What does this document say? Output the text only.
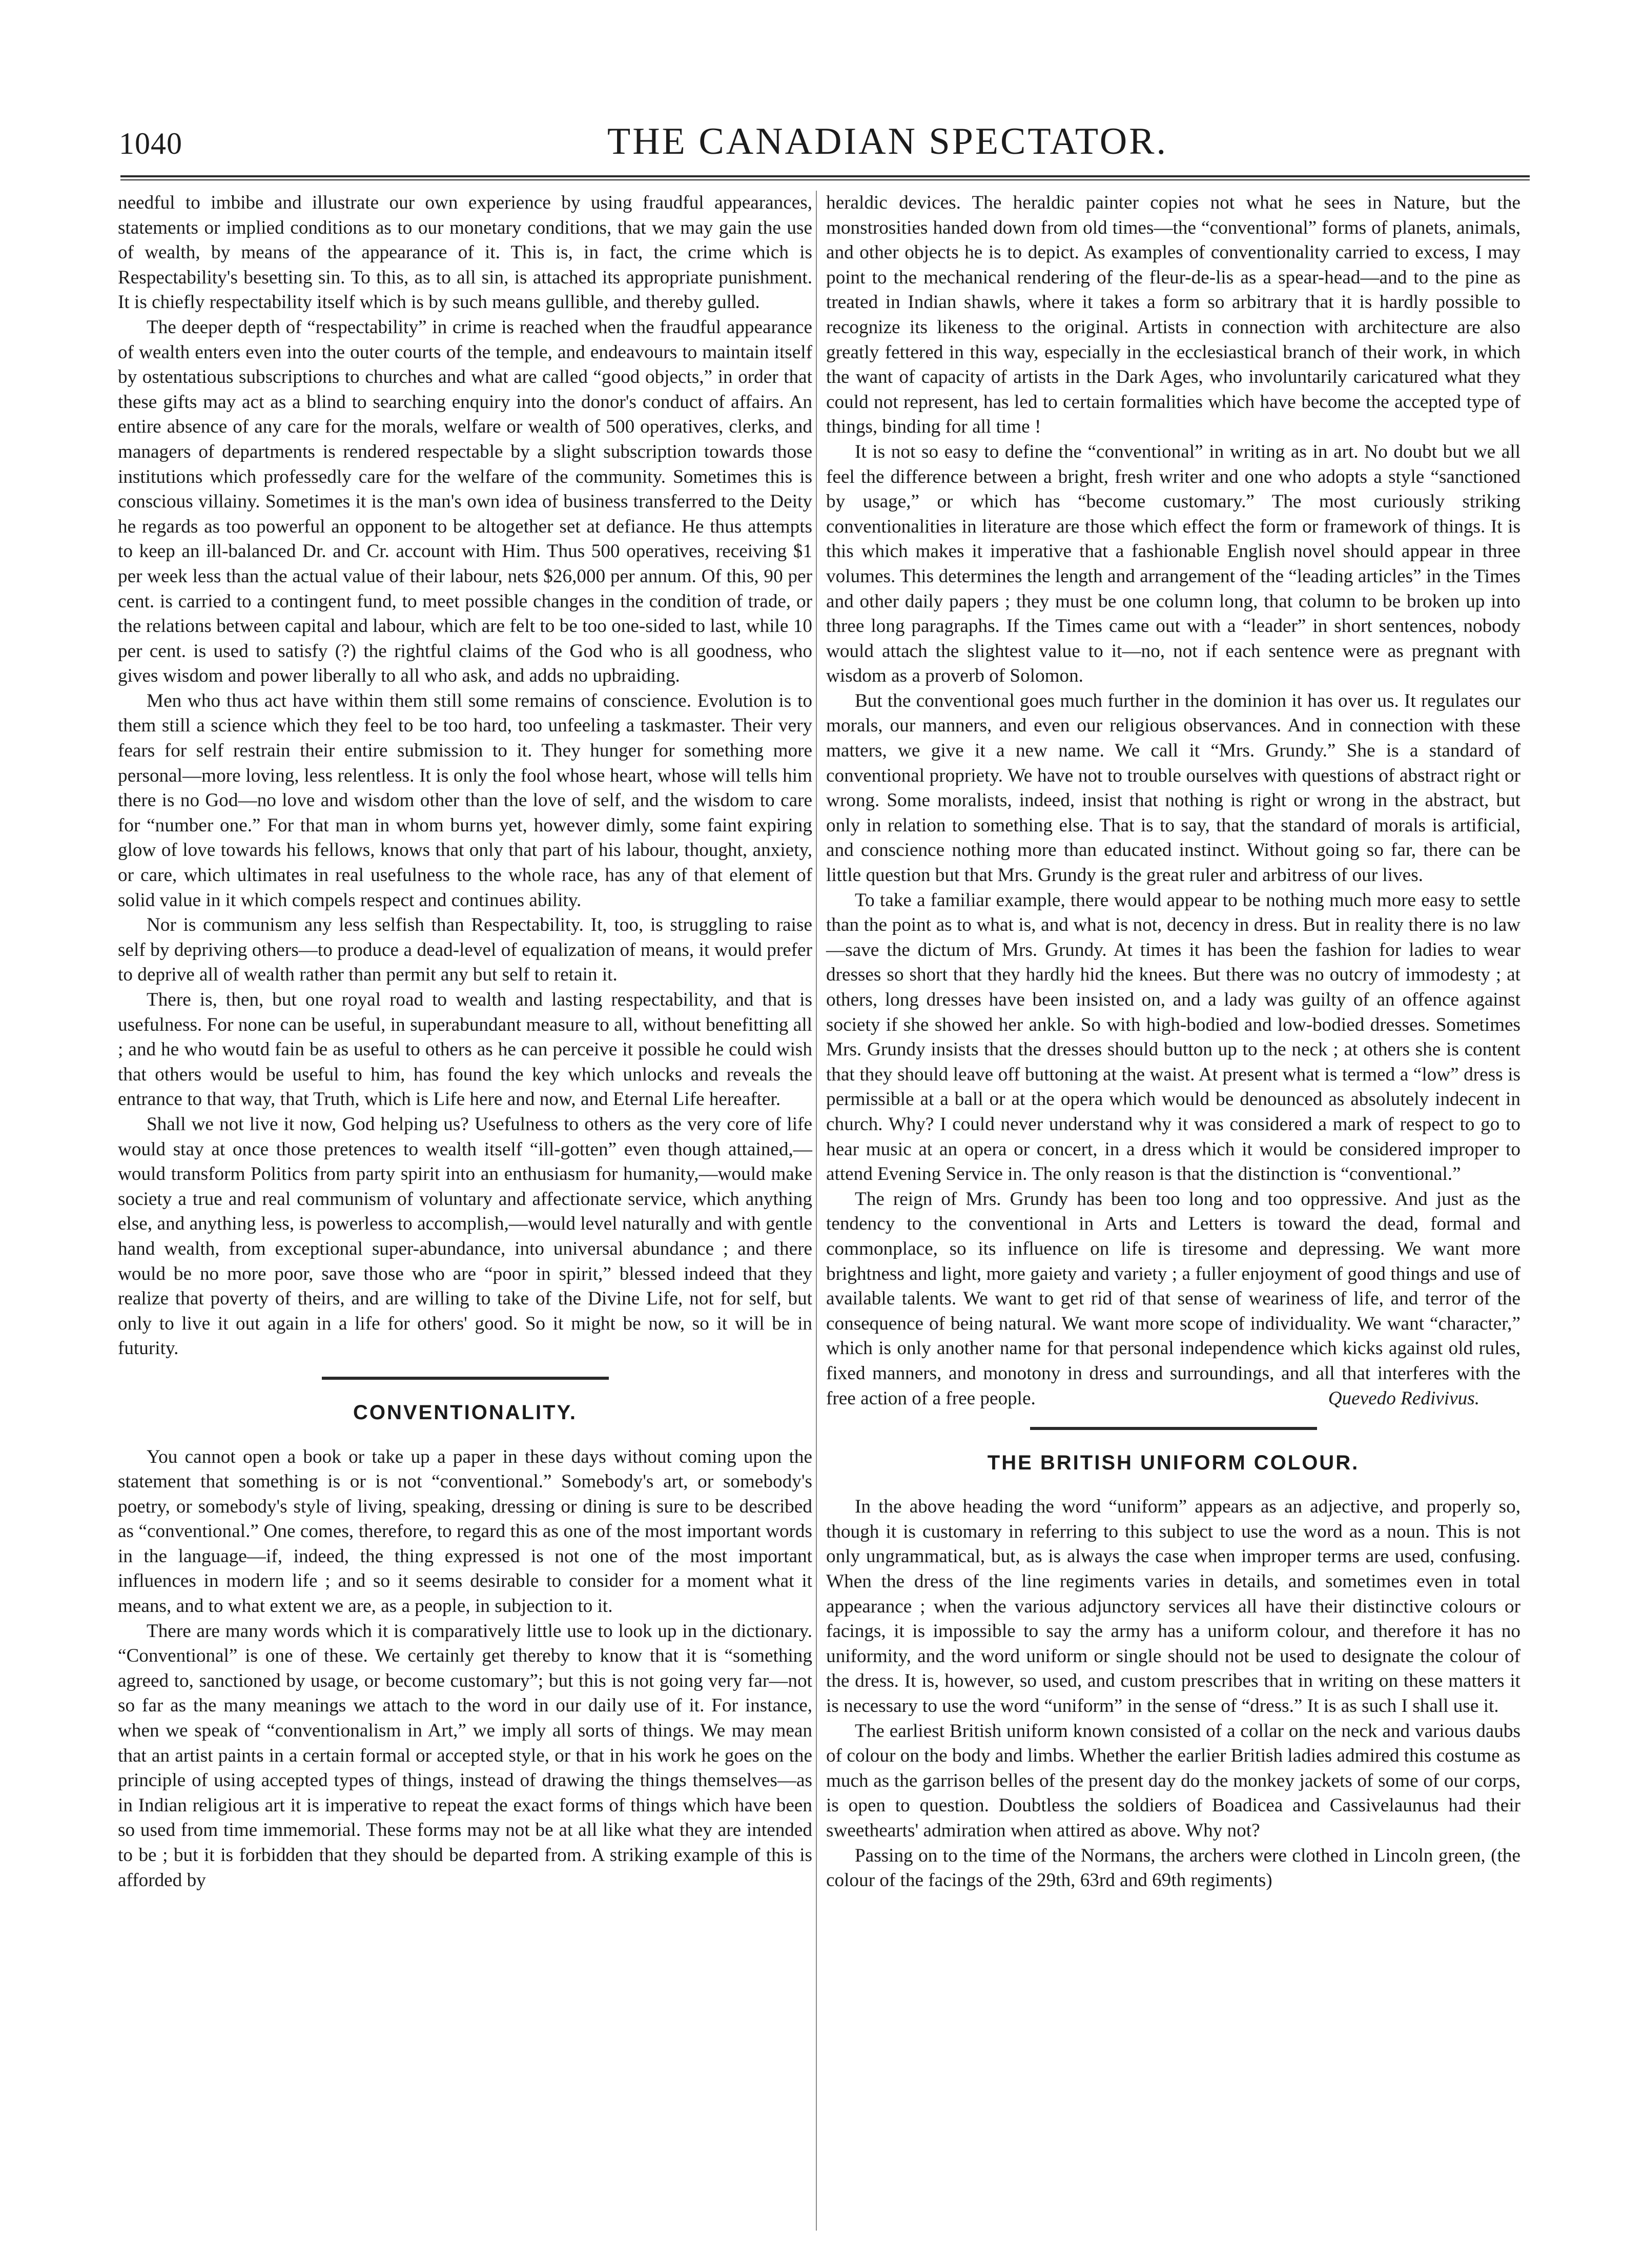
1040	THE CANADIAN SPECTATOR.

needful to imbibe and illustrate our own experience by using fraudful appearances, statements or implied conditions as to our monetary conditions, that we may gain the use of wealth, by means of the appearance of it. This is, in fact, the crime which is Respectability's besetting sin. To this, as to all sin, is attached its appropriate punishment. It is chiefly respectability itself which is by such means gullible, and thereby gulled.

The deeper depth of “respectability” in crime is reached when the fraudful appearance of wealth enters even into the outer courts of the temple, and endeavours to maintain itself by ostentatious subscriptions to churches and what are called “good objects,” in order that these gifts may act as a blind to searching enquiry into the donor's conduct of affairs. An entire absence of any care for the morals, welfare or wealth of 500 operatives, clerks, and managers of departments is rendered respectable by a slight subscription towards those institutions which professedly care for the welfare of the community. Sometimes this is conscious villainy. Sometimes it is the man's own idea of business transferred to the Deity he regards as too powerful an opponent to be altogether set at defiance. He thus attempts to keep an ill-balanced Dr. and Cr. account with Him. Thus 500 operatives, receiving $1 per week less than the actual value of their labour, nets $26,000 per annum. Of this, 90 per cent. is carried to a contingent fund, to meet possible changes in the condition of trade, or the relations between capital and labour, which are felt to be too one-sided to last, while 10 per cent. is used to satisfy (?) the rightful claims of the God who is all goodness, who gives wisdom and power liberally to all who ask, and adds no upbraiding.

Men who thus act have within them still some remains of conscience. Evolution is to them still a science which they feel to be too hard, too unfeeling a taskmaster. Their very fears for self restrain their entire submission to it. They hunger for something more personal—more loving, less relentless. It is only the fool whose heart, whose will tells him there is no God—no love and wisdom other than the love of self, and the wisdom to care for “number one.” For that man in whom burns yet, however dimly, some faint expiring glow of love towards his fellows, knows that only that part of his labour, thought, anxiety, or care, which ultimates in real usefulness to the whole race, has any of that element of solid value in it which compels respect and continues ability.

Nor is communism any less selfish than Respectability. It, too, is struggling to raise self by depriving others—to produce a dead-level of equalization of means, it would prefer to deprive all of wealth rather than permit any but self to retain it.

There is, then, but one royal road to wealth and lasting respectability, and that is usefulness. For none can be useful, in superabundant measure to all, without benefitting all ; and he who woutd fain be as useful to others as he can perceive it possible he could wish that others would be useful to him, has found the key which unlocks and reveals the entrance to that way, that Truth, which is Life here and now, and Eternal Life hereafter.

Shall we not live it now, God helping us? Usefulness to others as the very core of life would stay at once those pretences to wealth itself “ill-gotten” even though attained,—would transform Politics from party spirit into an enthusiasm for humanity,—would make society a true and real communism of voluntary and affectionate service, which anything else, and anything less, is powerless to accomplish,—would level naturally and with gentle hand wealth, from exceptional super-abundance, into universal abundance ; and there would be no more poor, save those who are “poor in spirit,” blessed indeed that they realize that poverty of theirs, and are willing to take of the Divine Life, not for self, but only to live it out again in a life for others' good. So it might be now, so it will be in futurity.

CONVENTIONALITY.

You cannot open a book or take up a paper in these days without coming upon the statement that something is or is not “conventional.” Somebody's art, or somebody's poetry, or somebody's style of living, speaking, dressing or dining is sure to be described as “conventional.” One comes, therefore, to regard this as one of the most important words in the language—if, indeed, the thing expressed is not one of the most important influences in modern life ; and so it seems desirable to consider for a moment what it means, and to what extent we are, as a people, in subjection to it.

There are many words which it is comparatively little use to look up in the dictionary. “Conventional” is one of these. We certainly get thereby to know that it is “something agreed to, sanctioned by usage, or become customary”; but this is not going very far—not so far as the many meanings we attach to the word in our daily use of it. For instance, when we speak of “conventionalism in Art,” we imply all sorts of things. We may mean that an artist paints in a certain formal or accepted style, or that in his work he goes on the principle of using accepted types of things, instead of drawing the things themselves—as in Indian religious art it is imperative to repeat the exact forms of things which have been so used from time immemorial. These forms may not be at all like what they are intended to be ; but it is forbidden that they should be departed from. A striking example of this is afforded by

heraldic devices. The heraldic painter copies not what he sees in Nature, but the monstrosities handed down from old times—the “conventional” forms of planets, animals, and other objects he is to depict. As examples of conventionality carried to excess, I may point to the mechanical rendering of the fleur-de-lis as a spear-head—and to the pine as treated in Indian shawls, where it takes a form so arbitrary that it is hardly possible to recognize its likeness to the original. Artists in connection with architecture are also greatly fettered in this way, especially in the ecclesiastical branch of their work, in which the want of capacity of artists in the Dark Ages, who involuntarily caricatured what they could not represent, has led to certain formalities which have become the accepted type of things, binding for all time !

It is not so easy to define the “conventional” in writing as in art. No doubt but we all feel the difference between a bright, fresh writer and one who adopts a style “sanctioned by usage,” or which has “become customary.” The most curiously striking conventionalities in literature are those which effect the form or framework of things. It is this which makes it imperative that a fashionable English novel should appear in three volumes. This determines the length and arrangement of the “leading articles” in the Times and other daily papers ; they must be one column long, that column to be broken up into three long paragraphs. If the Times came out with a “leader” in short sentences, nobody would attach the slightest value to it—no, not if each sentence were as pregnant with wisdom as a proverb of Solomon.

But the conventional goes much further in the dominion it has over us. It regulates our morals, our manners, and even our religious observances. And in connection with these matters, we give it a new name. We call it “Mrs. Grundy.” She is a standard of conventional propriety. We have not to trouble ourselves with questions of abstract right or wrong. Some moralists, indeed, insist that nothing is right or wrong in the abstract, but only in relation to something else. That is to say, that the standard of morals is artificial, and conscience nothing more than educated instinct. Without going so far, there can be little question but that Mrs. Grundy is the great ruler and arbitress of our lives.

To take a familiar example, there would appear to be nothing much more easy to settle than the point as to what is, and what is not, decency in dress. But in reality there is no law—save the dictum of Mrs. Grundy. At times it has been the fashion for ladies to wear dresses so short that they hardly hid the knees. But there was no outcry of immodesty ; at others, long dresses have been insisted on, and a lady was guilty of an offence against society if she showed her ankle. So with high-bodied and low-bodied dresses. Sometimes Mrs. Grundy insists that the dresses should button up to the neck ; at others she is content that they should leave off buttoning at the waist. At present what is termed a “low” dress is permissible at a ball or at the opera which would be denounced as absolutely indecent in church. Why? I could never understand why it was considered a mark of respect to go to hear music at an opera or concert, in a dress which it would be considered improper to attend Evening Service in. The only reason is that the distinction is “conventional.”

The reign of Mrs. Grundy has been too long and too oppressive. And just as the tendency to the conventional in Arts and Letters is toward the dead, formal and commonplace, so its influence on life is tiresome and depressing. We want more brightness and light, more gaiety and variety ; a fuller enjoyment of good things and use of available talents. We want to get rid of that sense of weariness of life, and terror of the consequence of being natural. We want more scope of individuality. We want “character,” which is only another name for that personal independence which kicks against old rules, fixed manners, and monotony in dress and surroundings, and all that interferes with the free action of a free people.	Quevedo Redivivus.
THE BRITISH UNIFORM COLOUR.

In the above heading the word “uniform” appears as an adjective, and properly so, though it is customary in referring to this subject to use the word as a noun. This is not only ungrammatical, but, as is always the case when improper terms are used, confusing. When the dress of the line regiments varies in details, and sometimes even in total appearance ; when the various adjunctory services all have their distinctive colours or facings, it is impossible to say the army has a uniform colour, and therefore it has no uniformity, and the word uniform or single should not be used to designate the colour of the dress. It is, however, so used, and custom prescribes that in writing on these matters it is necessary to use the word “uniform” in the sense of “dress.” It is as such I shall use it.

The earliest British uniform known consisted of a collar on the neck and various daubs of colour on the body and limbs. Whether the earlier British ladies admired this costume as much as the garrison belles of the present day do the monkey jackets of some of our corps, is open to question. Doubtless the soldiers of Boadicea and Cassivelaunus had their sweethearts' admiration when attired as above. Why not?

Passing on to the time of the Normans, the archers were clothed in Lincoln green, (the colour of the facings of the 29th, 63rd and 69th regiments)
